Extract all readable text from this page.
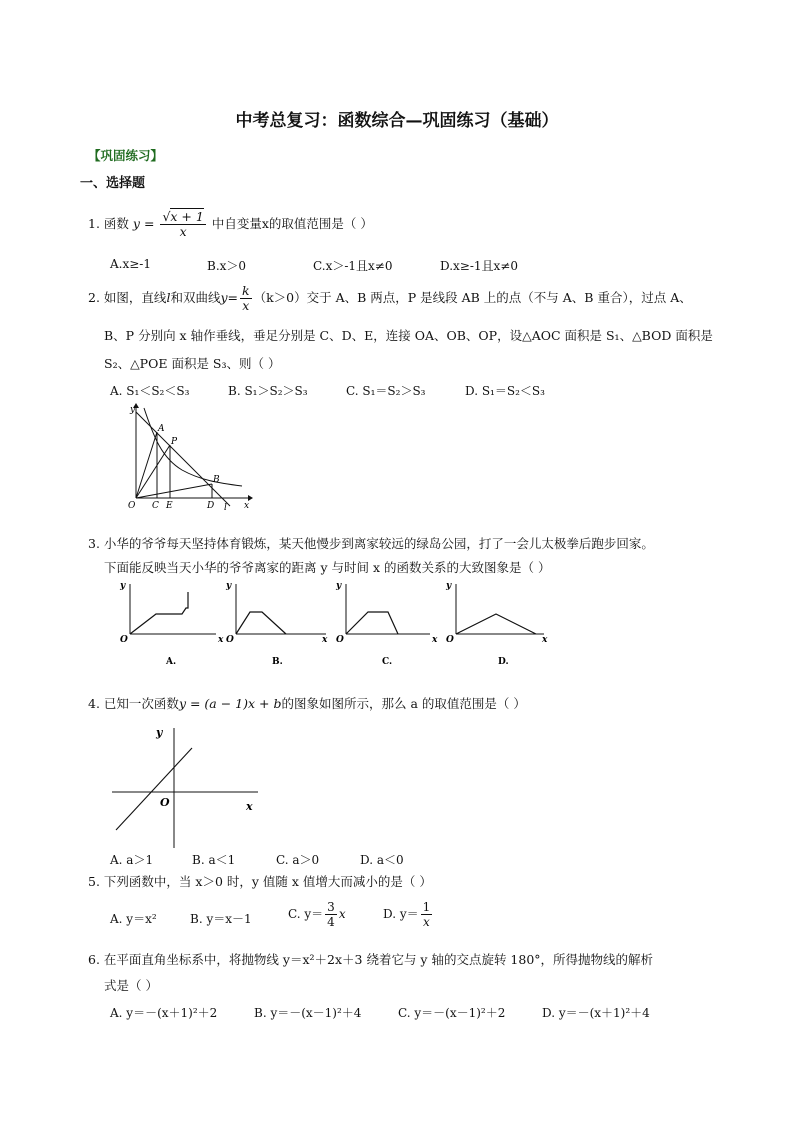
中考总复习：函数综合—巩固练习（基础）
【巩固练习】
一、选择题
1. 函数 $y = \frac{√x + 1}{x}$ 中自变量x的取值范围是（ ）
A.x≥-1	B.x＞0	C.x＞-1且x≠0	D.x≥-1且x≠0
2. 如图，直线l和双曲线$y= \frac{k}{x} (k>0)$交于 A、B 两点，P 是线段 AB 上的点（不与 A、B 重合），过点 A、
B、P 分别向 x 轴作垂线，垂足分别是 C、D、E，连接 OA、OB、OP，设△AOC 面积是 S₁、△BOD 面积是
S₂、△POE 面积是 S₃、则（ ）
A. S₁＜S₂＜S₃	B. S₁＞S₂＞S₃	C. S₁＝S₂＞S₃	D. S₁＝S₂＜S₃
y
A
P
B
O C E	D	x
l
3. 小华的爷爷每天坚持体育锻炼，某天他慢步到离家较远的绿岛公园，打了一会儿太极拳后跑步回家。
下面能反映当天小华的爷爷离家的距离 y 与时间 x 的函数关系的大致图象是（ ）
y
O	x
A.
y
O	x
B.
y
O	x
C.
y
O	x
D.
4. 已知一次函数y = (a − 1)x + b的图象如图所示，那么 a 的取值范围是（ ）
y
O	x
A. a＞1	B. a＜1	C. a＞0	D. a＜0
5. 下列函数中，当 x＞0 时，y 值随 x 值增大而减小的是（ ）
A. y＝x²	B. y＝x－1	C. $y= \frac{3}{4}$ x	D. $y= \frac{1}{x}$
6. 在平面直角坐标系中，将抛物线 y＝x²＋2x＋3 绕着它与 y 轴的交点旋转 180°，所得抛物线的解析
式是（ ）
A. y＝－(x＋1)²＋2	B. y＝－(x－1)²＋4	C. y＝－(x－1)²＋2	D. y＝－(x＋1)²＋4
